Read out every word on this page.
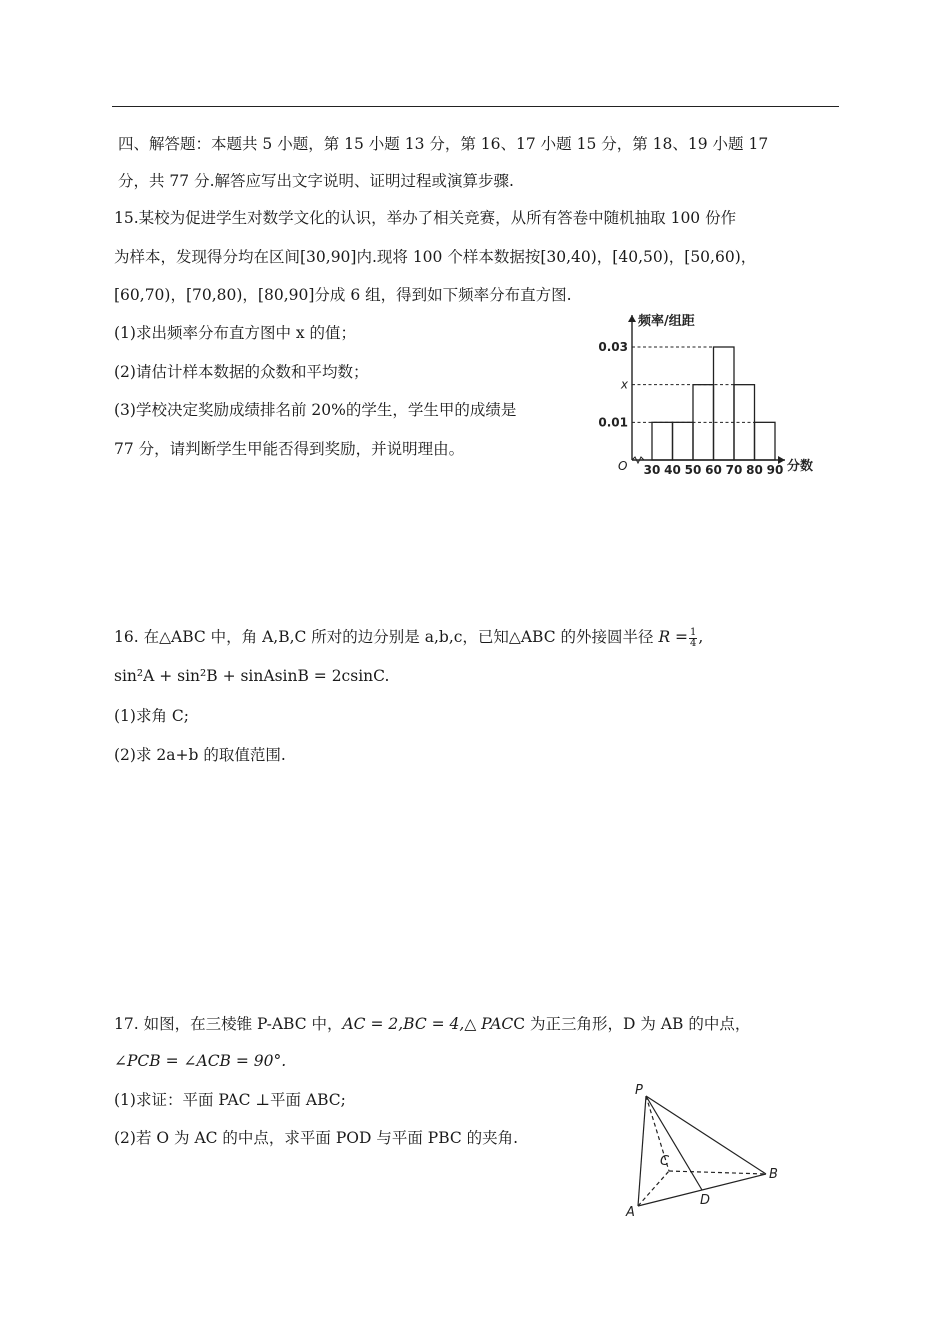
四、解答题：本题共 5 小题，第 15 小题 13 分，第 16、17 小题 15 分，第 18、19 小题 17
分，共 77 分.解答应写出文字说明、证明过程或演算步骤.
15.某校为促进学生对数学文化的认识，举办了相关竞赛，从所有答卷中随机抽取 100 份作
为样本，发现得分均在区间[30,90]内.现将 100 个样本数据按[30,40)，[40,50)，[50,60)，
[60,70)，[70,80)，[80,90]分成 6 组，得到如下频率分布直方图.
(1)求出频率分布直方图中 x 的值；
(2)请估计样本数据的众数和平均数；
(3)学校决定奖励成绩排名前 20%的学生，学生甲的成绩是
77 分，请判断学生甲能否得到奖励，并说明理由。
频率/组距
分数
O
0.03
x
0.01
30 40 50 60 70 80 90
16. 在△ABC 中，角 A,B,C 所对的边分别是 a,b,c，已知△ABC 的外接圆半径 $R = \frac{1}{4}$ ,
sin²A + sin²B + sinAsinB = 2csinC.
(1)求角 C;
(2)求 2a+b 的取值范围.
17. 如图，在三棱锥 P-ABC 中，AC = 2,BC = 4,△ PACC 为正三角形，D 为 AB 的中点，
∠PCB = ∠ACB = 90°.
(1)求证：平面 PAC ⊥平面 ABC;
(2)若 O 为 AC 的中点，求平面 POD 与平面 PBC 的夹角.
P
A
B
C
D
